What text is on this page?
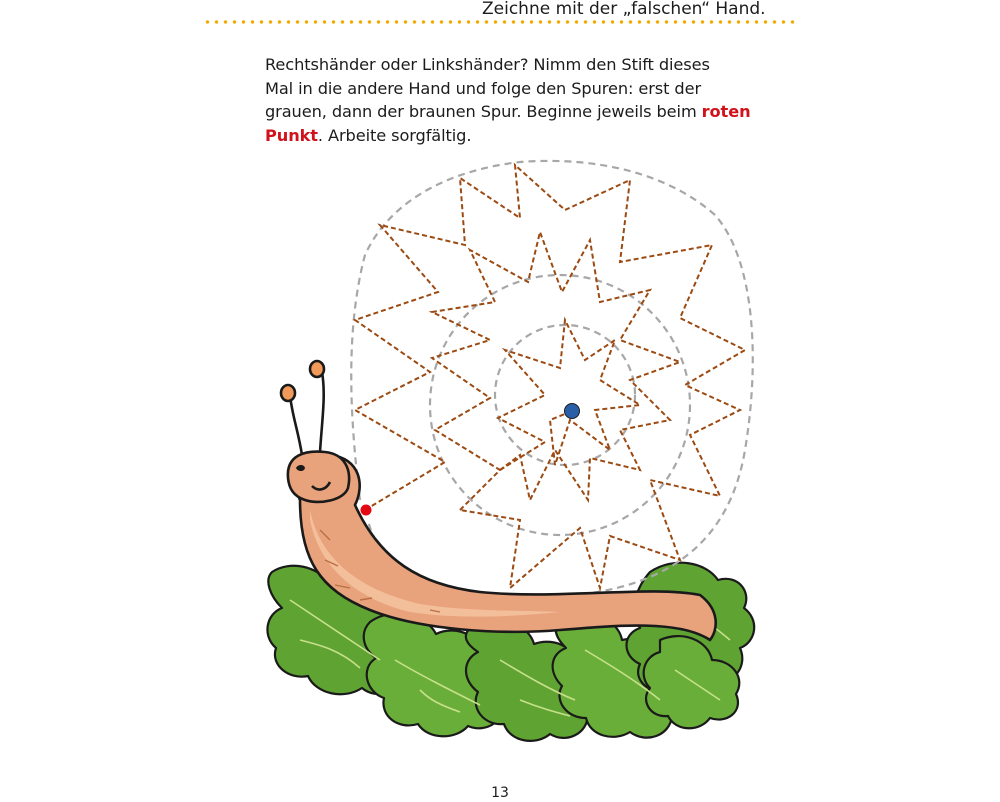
Zeichne mit der „falschen“ Hand.
Rechtshänder oder Linkshänder? Nimm den Stift dieses
Mal in die andere Hand und folge den Spuren: erst der
grauen, dann der braunen Spur. Beginne jeweils beim roten
Punkt. Arbeite sorgfältig.
13
